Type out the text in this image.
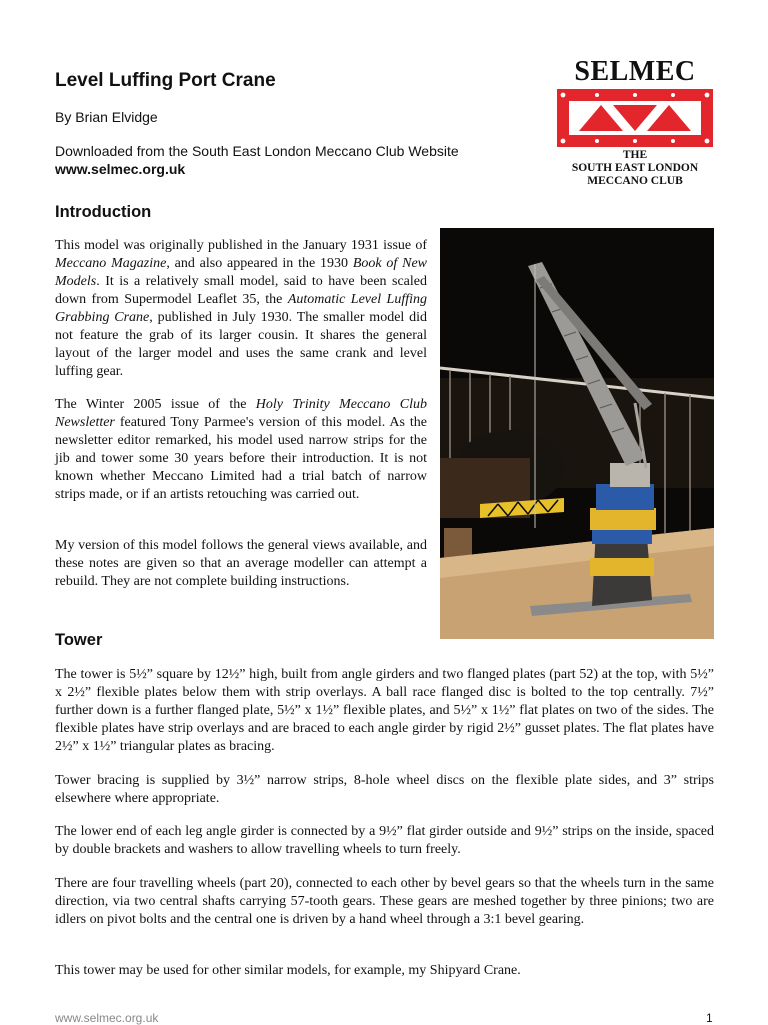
Level Luffing Port Crane
By Brian Elvidge
Downloaded from the South East London Meccano Club Website
www.selmec.org.uk
SELMEC
THE
SOUTH EAST LONDON
MECCANO CLUB
Introduction
This model was originally published in the January 1931 issue of Meccano Magazine, and also appeared in the 1930 Book of New Models. It is a relatively small model, said to have been scaled down from Supermodel Leaflet 35, the Automatic Level Luffing Grabbing Crane, published in July 1930. The smaller model did not feature the grab of its larger cousin. It shares the general layout of the larger model and uses the same crank and level luffing gear.
The Winter 2005 issue of the Holy Trinity Meccano Club Newsletter featured Tony Parmee's version of this model. As the newsletter editor remarked, his model used narrow strips for the jib and tower some 30 years before their introduction. It is not known whether Meccano Limited had a trial batch of narrow strips made, or if an artists retouching was carried out.
My version of this model follows the general views available, and these notes are given so that an average modeller can attempt a rebuild. They are not complete building instructions.
Tower
The tower is 5½” square by 12½” high, built from angle girders and two flanged plates (part 52) at the top, with 5½” x 2½” flexible plates below them with strip overlays. A ball race flanged disc is bolted to the top centrally. 7½” further down is a further flanged plate, 5½” x 1½” flexible plates, and 5½” x 1½” flat plates on two of the sides. The flexible plates have strip overlays and are braced to each angle girder by rigid 2½” gusset plates. The flat plates have 2½” x 1½” triangular plates as bracing.
Tower bracing is supplied by 3½” narrow strips, 8-hole wheel discs on the flexible plate sides, and 3” strips elsewhere where appropriate.
The lower end of each leg angle girder is connected by a 9½” flat girder outside and 9½” strips on the inside, spaced by double brackets and washers to allow travelling wheels to turn freely.
There are four travelling wheels (part 20), connected to each other by bevel gears so that the wheels turn in the same direction, via two central shafts carrying 57-tooth gears. These gears are meshed together by three pinions; two are idlers on pivot bolts and the central one is driven by a hand wheel through a 3:1 bevel gearing.
This tower may be used for other similar models, for example, my Shipyard Crane.
www.selmec.org.uk	1
